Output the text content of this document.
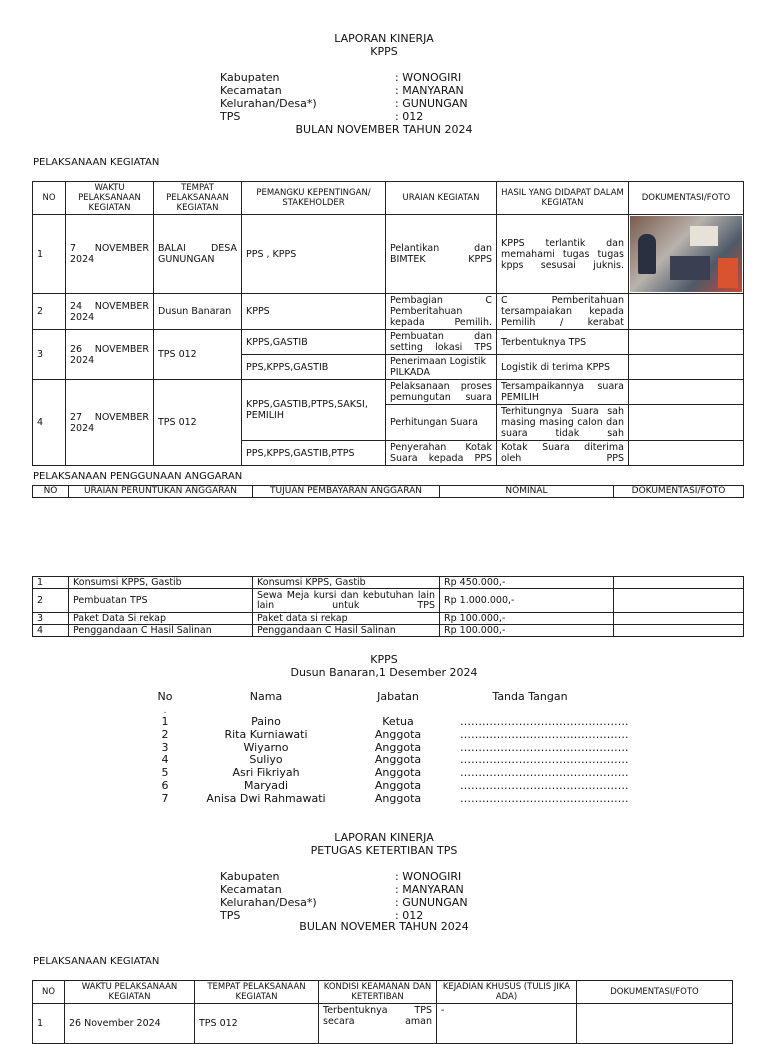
LAPORAN KINERJA
KPPS
Kabupaten	: WONOGIRI
Kecamatan	: MANYARAN
Kelurahan/Desa*)	: GUNUNGAN
TPS	: 012
BULAN NOVEMBER TAHUN 2024
PELAKSANAAN KEGIATAN
NO	WAKTU PELAKSANAAN KEGIATAN	TEMPAT PELAKSANAAN KEGIATAN	PEMANGKU KEPENTINGAN/ STAKEHOLDER	URAIAN KEGIATAN	HASIL YANG DIDAPAT DALAM KEGIATAN	DOKUMENTASI/FOTO
1	7 NOVEMBER 2024	BALAI DESA GUNUNGAN	PPS , KPPS	Pelantikan dan BIMTEK KPPS	KPPS terlantik dan memahami tugas tugas kpps sesusai juknis.	

2	24 NOVEMBER 2024	Dusun Banaran	KPPS	Pembagian C Pemberitahuan kepada Pemilih.	C Pemberitahuan tersampaiakan kepada Pemilih / kerabat	
3	26 NOVEMBER 2024	TPS 012	KPPS,GASTIB	Pembuatan dan setting lokasi TPS	Terbentuknya TPS	
			PPS,KPPS,GASTIB	Penerimaan Logistik PILKADA	Logistik di terima KPPS	
4	27 NOVEMBER 2024	TPS 012	KPPS,GASTIB,PTPS,SAKSI, PEMILIH	Pelaksanaan proses pemungutan suara	Tersampaikannya suara PEMILIH	
				Perhitungan Suara	Terhitungnya Suara sah masing masing calon dan suara tidak sah	
			PPS,KPPS,GASTIB,PTPS	Penyerahan Kotak Suara kepada PPS	Kotak Suara diterima oleh PPS	
PELAKSANAAN PENGGUNAAN ANGGARAN
NO	URAIAN PERUNTUKAN ANGGARAN	TUJUAN PEMBAYARAN ANGGARAN	NOMINAL	DOKUMENTASI/FOTO
1	Konsumsi KPPS, Gastib	Konsumsi KPPS, Gastib	Rp 450.000,-	
2	Pembuatan TPS	Sewa Meja kursi dan kebutuhan lain lain untuk TPS	Rp 1.000.000,-	
3	Paket Data Si rekap	Paket data si rekap	Rp 100.000,-	
4	Penggandaan C Hasil Salinan	Penggandaan C Hasil Salinan	Rp 100.000,-	
KPPS
Dusun Banaran,1 Desember 2024
No	Nama	Jabatan	Tanda Tangan
.
1	Paino	Ketua	……………………………………….
2	Rita Kurniawati	Anggota	……………………………………….
3	Wiyarno	Anggota	……………………………………….
4	Suliyo	Anggota	……………………………………….
5	Asri Fikriyah	Anggota	……………………………………….
6	Maryadi	Anggota	……………………………………….
7	Anisa Dwi Rahmawati	Anggota	……………………………………….
LAPORAN KINERJA
PETUGAS KETERTIBAN TPS
Kabupaten	: WONOGIRI
Kecamatan	: MANYARAN
Kelurahan/Desa*)	: GUNUNGAN
TPS	: 012
BULAN NOVEMER TAHUN 2024
PELAKSANAAN KEGIATAN
NO	WAKTU PELAKSANAAN KEGIATAN	TEMPAT PELAKSANAAN KEGIATAN	KONDISI KEAMANAN DAN KETERTIBAN	KEJADIAN KHUSUS (TULIS JIKA ADA)	DOKUMENTASI/FOTO
1	26 November 2024	TPS 012	Terbentuknya TPS secara aman	-	
